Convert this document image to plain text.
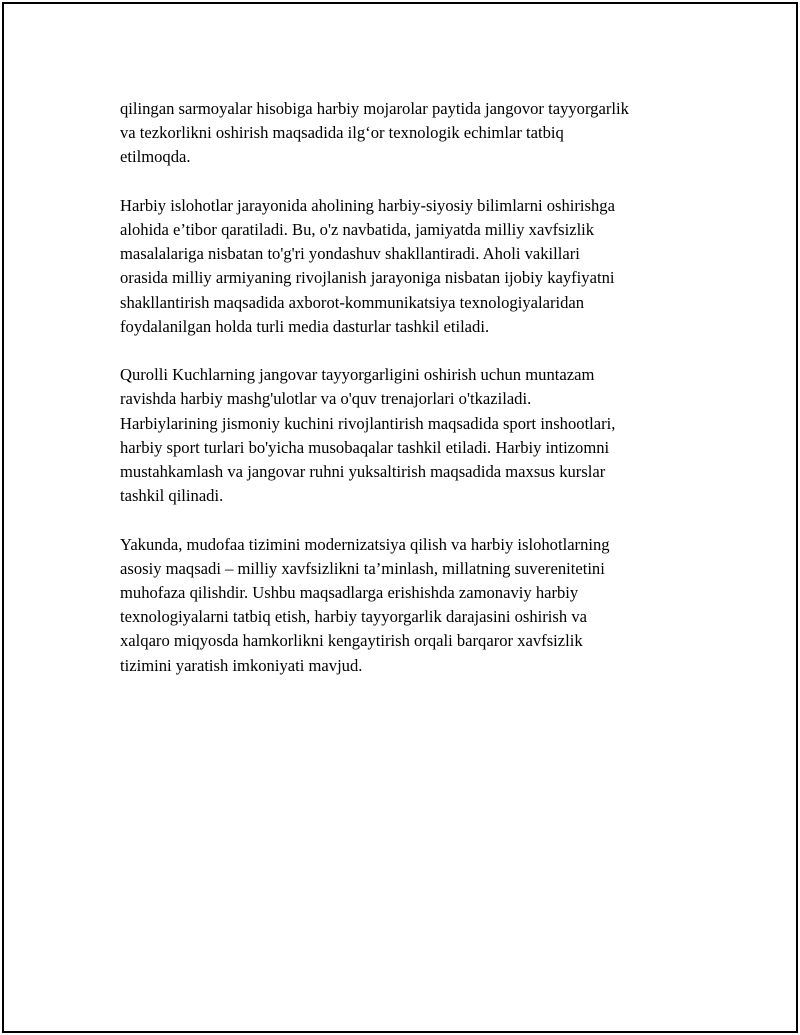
qilingan sarmoyalar hisobiga harbiy mojarolar paytida jangovor tayyorgarlik
va tezkorlikni oshirish maqsadida ilg‘or texnologik echimlar tatbiq
etilmoqda.

Harbiy islohotlar jarayonida aholining harbiy-siyosiy bilimlarni oshirishga
alohida e’tibor qaratiladi. Bu, o'z navbatida, jamiyatda milliy xavfsizlik
masalalariga nisbatan to'g'ri yondashuv shakllantiradi. Aholi vakillari
orasida milliy armiyaning rivojlanish jarayoniga nisbatan ijobiy kayfiyatni
shakllantirish maqsadida axborot-kommunikatsiya texnologiyalaridan
foydalanilgan holda turli media dasturlar tashkil etiladi.

Qurolli Kuchlarning jangovar tayyorgarligini oshirish uchun muntazam
ravishda harbiy mashg'ulotlar va o'quv trenajorlari o'tkaziladi.
Harbiylarining jismoniy kuchini rivojlantirish maqsadida sport inshootlari,
harbiy sport turlari bo'yicha musobaqalar tashkil etiladi. Harbiy intizomni
mustahkamlash va jangovar ruhni yuksaltirish maqsadida maxsus kurslar
tashkil qilinadi.

Yakunda, mudofaa tizimini modernizatsiya qilish va harbiy islohotlarning
asosiy maqsadi – milliy xavfsizlikni ta’minlash, millatning suverenitetini
muhofaza qilishdir. Ushbu maqsadlarga erishishda zamonaviy harbiy
texnologiyalarni tatbiq etish, harbiy tayyorgarlik darajasini oshirish va
xalqaro miqyosda hamkorlikni kengaytirish orqali barqaror xavfsizlik
tizimini yaratish imkoniyati mavjud.
